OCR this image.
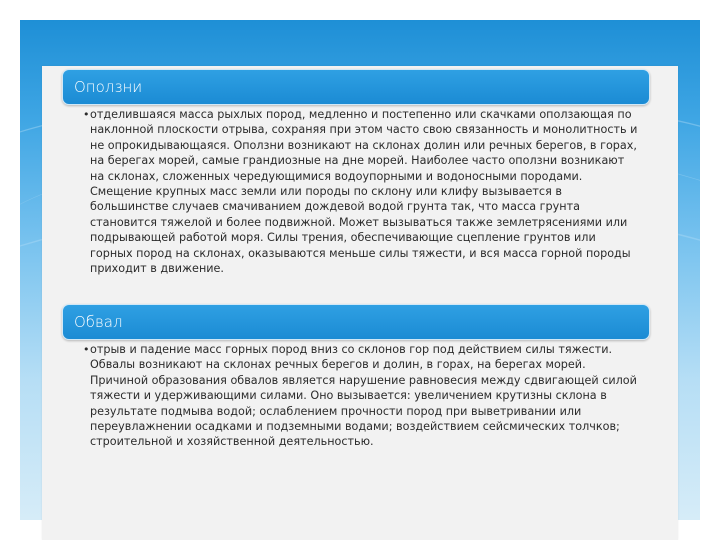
Оползни
• отделившаяся масса рыхлых пород, медленно и постепенно или скачками оползающая по наклонной плоскости отрыва, сохраняя при этом часто свою связанность и монолитность и не опрокидывающаяся. Оползни возникают на склонах долин или речных берегов, в горах, на берегах морей, самые грандиозные на дне морей. Наиболее часто оползни возникают на склонах, сложенных чередующимися водоупорными и водоносными породами. Смещение крупных масс земли или породы по склону или клифу вызывается в большинстве случаев смачиванием дождевой водой грунта так, что масса грунта становится тяжелой и более подвижной. Может вызываться также землетрясениями или подрывающей работой моря. Силы трения, обеспечивающие сцепление грунтов или горных пород на склонах, оказываются меньше силы тяжести, и вся масса горной породы приходит в движение.
Обвал
• отрыв и падение масс горных пород вниз со склонов гор под действием силы тяжести. Обвалы возникают на склонах речных берегов и долин, в горах, на берегах морей. Причиной образования обвалов является нарушение равновесия между сдвигающей силой тяжести и удерживающими силами. Оно вызывается: увеличением крутизны склона в результате подмыва водой; ослаблением прочности пород при выветривании или переувлажнении осадками и подземными водами; воздействием сейсмических толчков; строительной и хозяйственной деятельностью.
